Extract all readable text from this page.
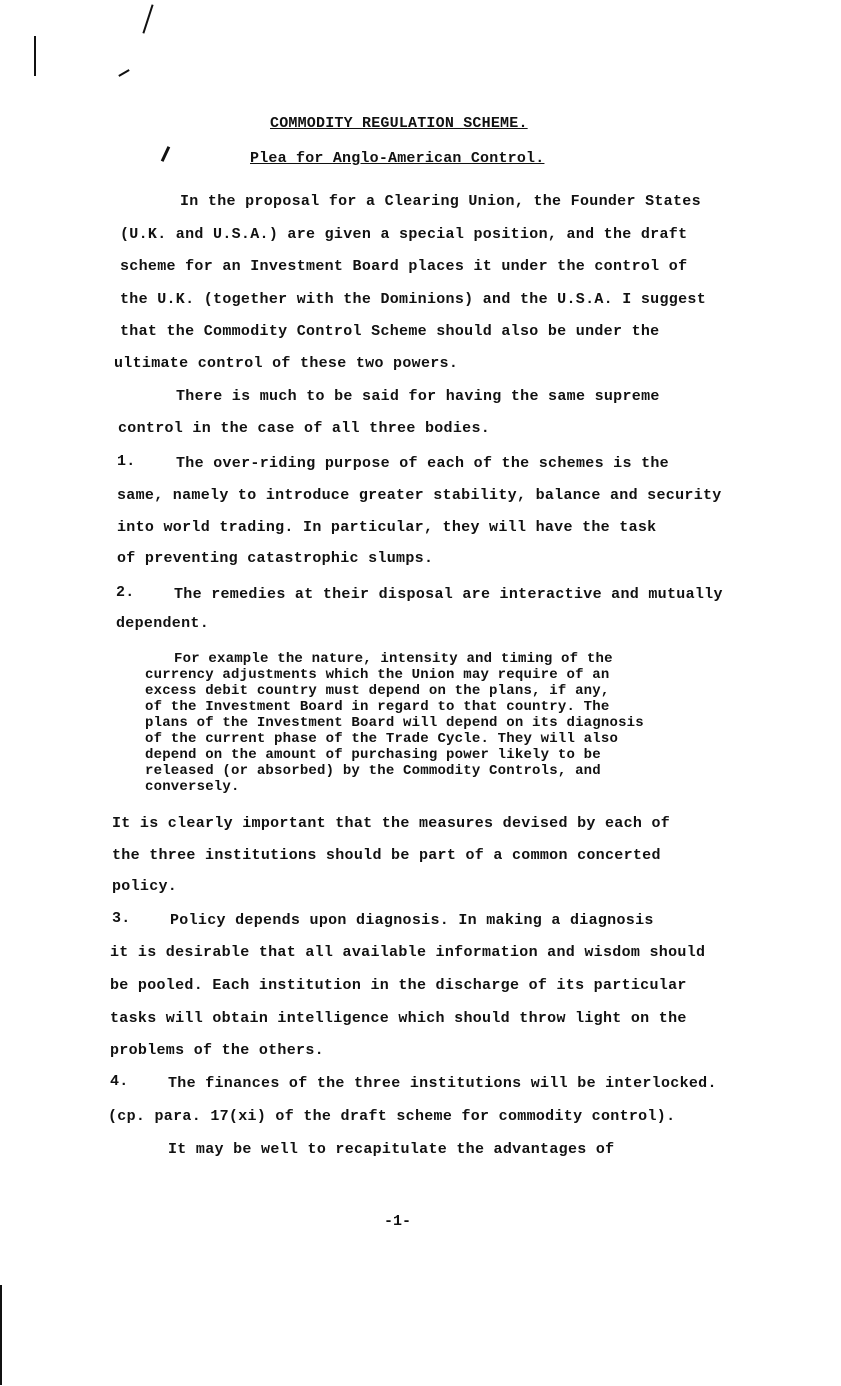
COMMODITY REGULATION SCHEME.
Plea for Anglo-American Control.
In the proposal for a Clearing Union, the Founder States
(U.K. and U.S.A.) are given a special position, and the draft
scheme for an Investment Board places it under the control of
the U.K. (together with the Dominions) and the U.S.A. I suggest
that the Commodity Control Scheme should also be under the
ultimate control of these two powers.
There is much to be said for having the same supreme
control in the case of all three bodies.
1.	The over-riding purpose of each of the schemes is the
same, namely to introduce greater stability, balance and security
into world trading. In particular, they will have the task
of preventing catastrophic slumps.
2.	The remedies at their disposal are interactive and mutually
dependent.
For example the nature, intensity and timing of the
currency adjustments which the Union may require of an
excess debit country must depend on the plans, if any,
of the Investment Board in regard to that country. The
plans of the Investment Board will depend on its diagnosis
of the current phase of the Trade Cycle. They will also
depend on the amount of purchasing power likely to be
released (or absorbed) by the Commodity Controls, and
conversely.
It is clearly important that the measures devised by each of
the three institutions should be part of a common concerted
policy.
3.	Policy depends upon diagnosis. In making a diagnosis
it is desirable that all available information and wisdom should
be pooled. Each institution in the discharge of its particular
tasks will obtain intelligence which should throw light on the
problems of the others.
4.	The finances of the three institutions will be interlocked.
(cp. para. 17(xi) of the draft scheme for commodity control).
It may be well to recapitulate the advantages of
-1-
